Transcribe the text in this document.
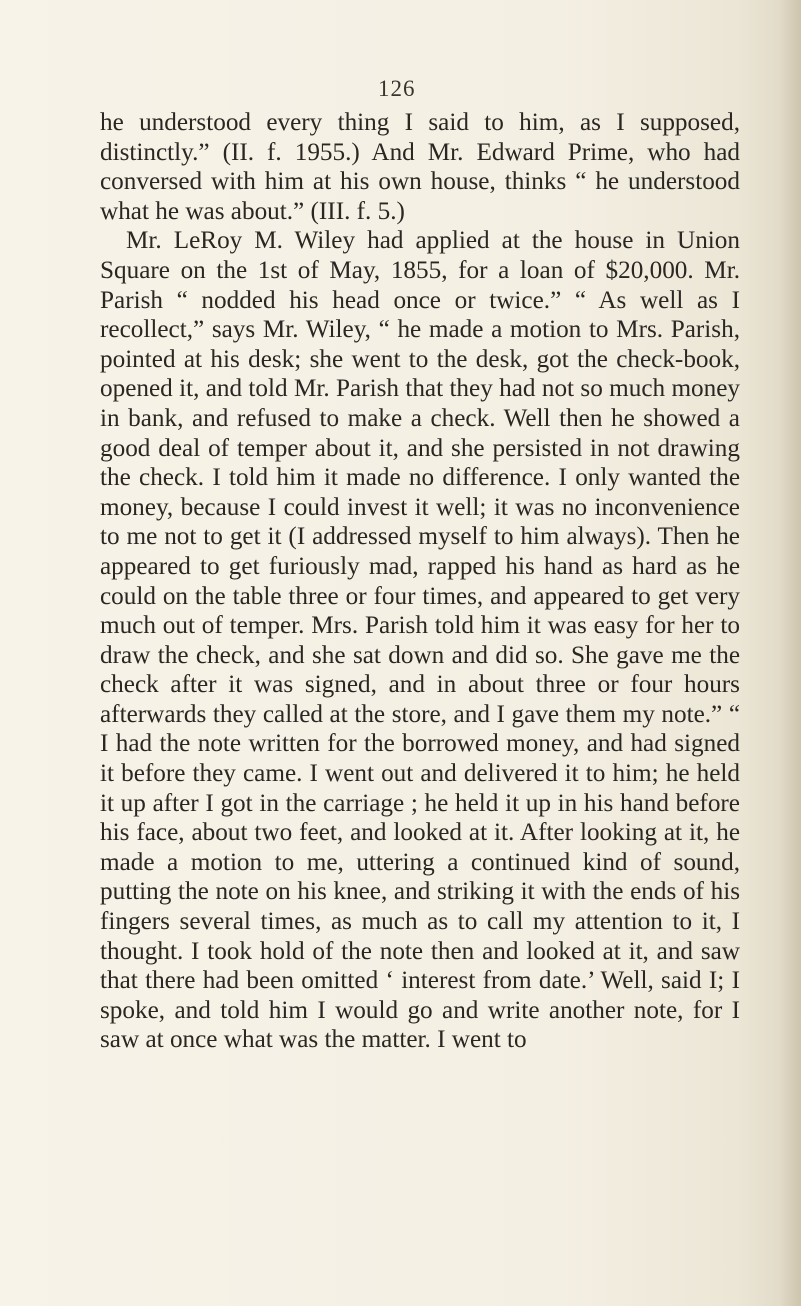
126

he understood every thing I said to him, as I supposed, distinctly.” (II. f. 1955.) And Mr. Edward Prime, who had conversed with him at his own house, thinks “ he understood what he was about.” (III. f. 5.)

Mr. LeRoy M. Wiley had applied at the house in Union Square on the 1st of May, 1855, for a loan of $20,000. Mr. Parish “ nodded his head once or twice.” “ As well as I recollect,” says Mr. Wiley, “ he made a motion to Mrs. Parish, pointed at his desk; she went to the desk, got the check-book, opened it, and told Mr. Parish that they had not so much money in bank, and refused to make a check. Well then he showed a good deal of temper about it, and she persisted in not drawing the check. I told him it made no difference. I only wanted the money, because I could invest it well; it was no inconvenience to me not to get it (I addressed myself to him always). Then he appeared to get furiously mad, rapped his hand as hard as he could on the table three or four times, and appeared to get very much out of temper. Mrs. Parish told him it was easy for her to draw the check, and she sat down and did so. She gave me the check after it was signed, and in about three or four hours afterwards they called at the store, and I gave them my note.” “ I had the note written for the borrowed money, and had signed it before they came. I went out and delivered it to him; he held it up after I got in the carriage ; he held it up in his hand before his face, about two feet, and looked at it. After looking at it, he made a motion to me, uttering a continued kind of sound, putting the note on his knee, and striking it with the ends of his fingers several times, as much as to call my attention to it, I thought. I took hold of the note then and looked at it, and saw that there had been omitted ‘ interest from date.’ Well, said I; I spoke, and told him I would go and write another note, for I saw at once what was the matter. I went to
